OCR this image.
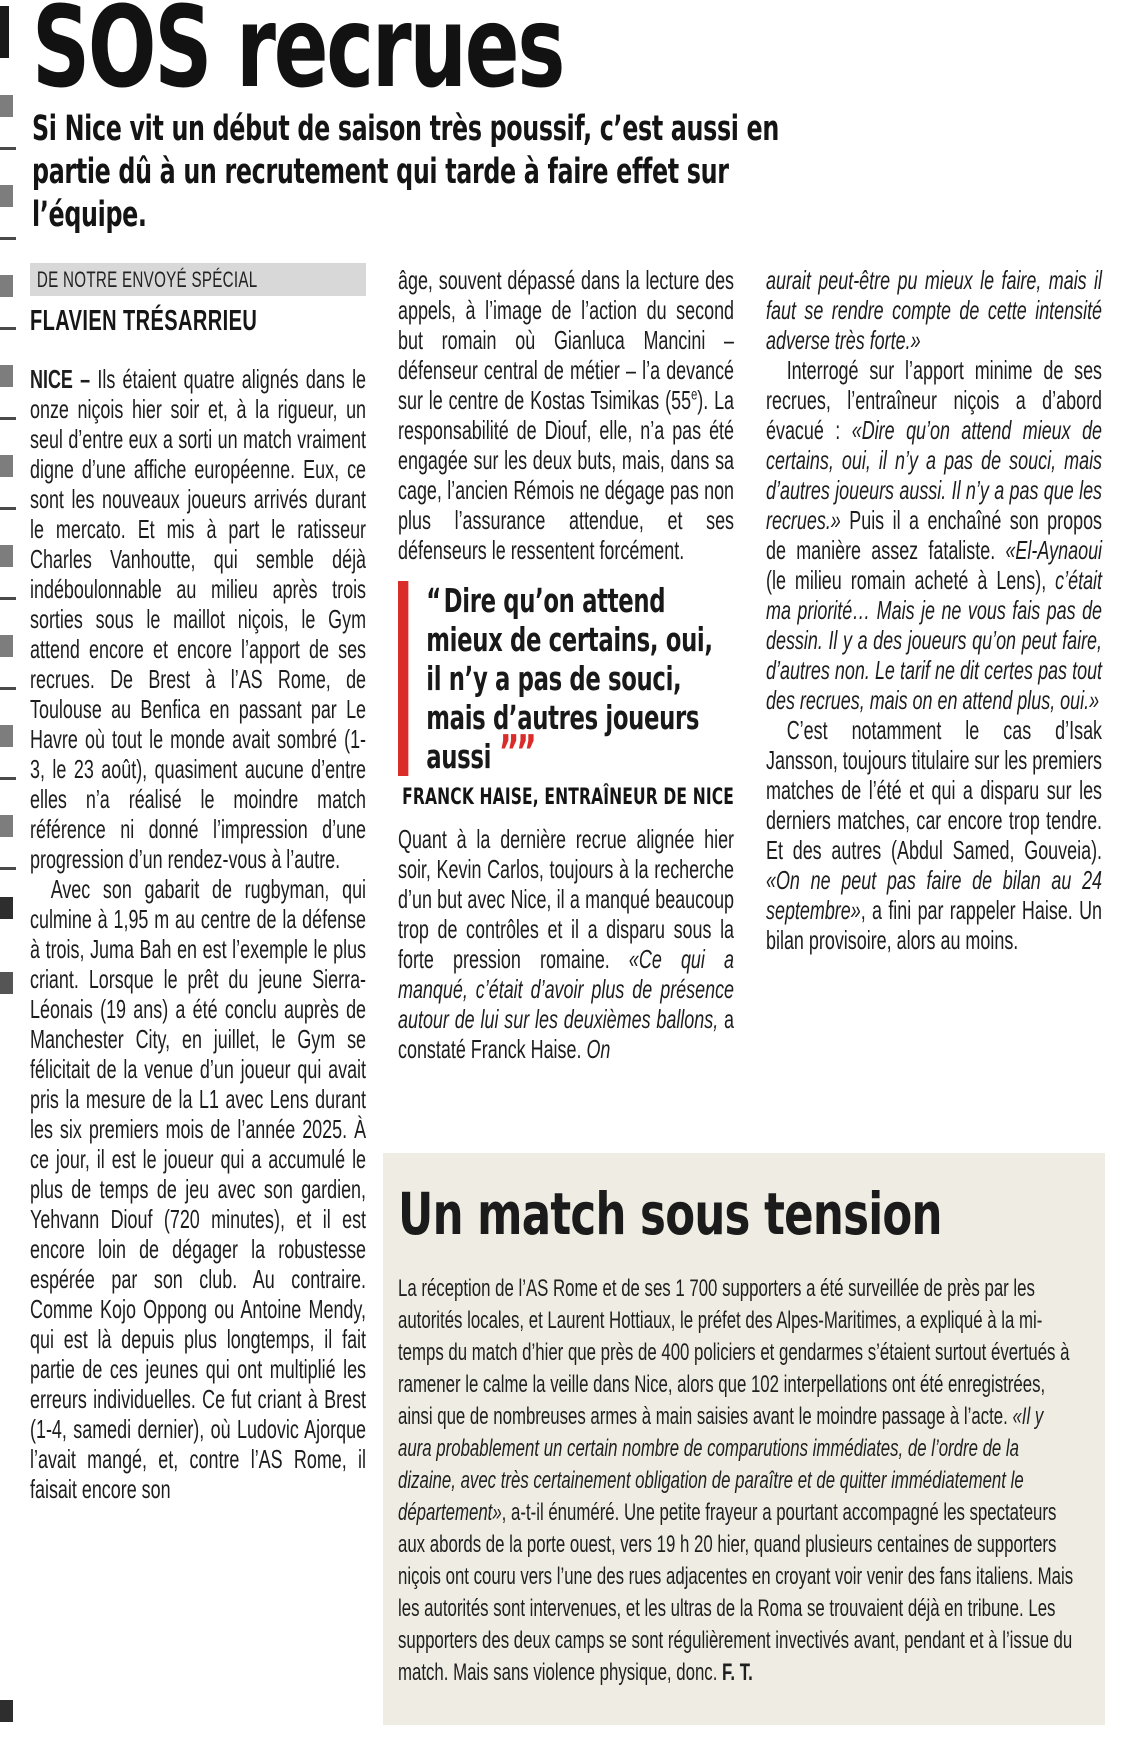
SOS recrues

Si Nice vit un début de saison très poussif, c’est aussi en partie dû à un recrutement qui tarde à faire effet sur l’équipe.

DE NOTRE ENVOYÉ SPÉCIAL
FLAVIEN TRÉSARRIEU

NICE – Ils étaient quatre alignés dans le onze niçois hier soir et, à la rigueur, un seul d’entre eux a sorti un match vraiment digne d’une affiche européenne. Eux, ce sont les nouveaux joueurs arrivés durant le mercato. Et mis à part le ratisseur Charles Vanhoutte, qui semble déjà indéboulonnable au milieu après trois sorties sous le maillot niçois, le Gym attend encore et encore l’apport de ses recrues. De Brest à l’AS Rome, de Toulouse au Benfica en passant par Le Havre où tout le monde avait sombré (1-3, le 23 août), quasiment aucune d’entre elles n’a réalisé le moindre match référence ni donné l’impression d’une progression d’un rendez-vous à l’autre.

Avec son gabarit de rugbyman, qui culmine à 1,95 m au centre de la défense à trois, Juma Bah en est l’exemple le plus criant. Lorsque le prêt du jeune Sierra-Léonais (19 ans) a été conclu auprès de Manchester City, en juillet, le Gym se félicitait de la venue d’un joueur qui avait pris la mesure de la L1 avec Lens durant les six premiers mois de l’année 2025. À ce jour, il est le joueur qui a accumulé le plus de temps de jeu avec son gardien, Yehvann Diouf (720 minutes), et il est encore loin de dégager la robustesse espérée par son club. Au contraire. Comme Kojo Oppong ou Antoine Mendy, qui est là depuis plus longtemps, il fait partie de ces jeunes qui ont multiplié les erreurs individuelles. Ce fut criant à Brest (1-4, samedi dernier), où Ludovic Ajorque l’avait mangé, et, contre l’AS Rome, il faisait encore son

âge, souvent dépassé dans la lecture des appels, à l’image de l’action du second but romain où Gianluca Mancini – défenseur central de métier – l’a devancé sur le centre de Kostas Tsimikas (55e). La responsabilité de Diouf, elle, n’a pas été engagée sur les deux buts, mais, dans sa cage, l’ancien Rémois ne dégage pas non plus l’assurance attendue, et ses défenseurs le ressentent forcément.

“Dire qu’on attend mieux de certains, oui, il n’y a pas de souci, mais d’autres joueurs aussi ””
FRANCK HAISE, ENTRAÎNEUR DE NICE

Quant à la dernière recrue alignée hier soir, Kevin Carlos, toujours à la recherche d’un but avec Nice, il a manqué beaucoup trop de contrôles et il a disparu sous la forte pression romaine. «Ce qui a manqué, c’était d’avoir plus de présence autour de lui sur les deuxièmes ballons, a constaté Franck Haise. On

aurait peut-être pu mieux le faire, mais il faut se rendre compte de cette intensité adverse très forte.»

Interrogé sur l’apport minime de ses recrues, l’entraîneur niçois a d’abord évacué : «Dire qu’on attend mieux de certains, oui, il n’y a pas de souci, mais d’autres joueurs aussi. Il n’y a pas que les recrues.» Puis il a enchaîné son propos de manière assez fataliste. «El-Aynaoui (le milieu romain acheté à Lens), c’était ma priorité… Mais je ne vous fais pas de dessin. Il y a des joueurs qu’on peut faire, d’autres non. Le tarif ne dit certes pas tout des recrues, mais on en attend plus, oui.»

C’est notamment le cas d’Isak Jansson, toujours titulaire sur les premiers matches de l’été et qui a disparu sur les derniers matches, car encore trop tendre. Et des autres (Abdul Samed, Gouveia). «On ne peut pas faire de bilan au 24 septembre», a fini par rappeler Haise. Un bilan provisoire, alors au moins.

Un match sous tension

La réception de l’AS Rome et de ses 1 700 supporters a été surveillée de près par les autorités locales, et Laurent Hottiaux, le préfet des Alpes-Maritimes, a expliqué à la mi-temps du match d’hier que près de 400 policiers et gendarmes s’étaient surtout évertués à ramener le calme la veille dans Nice, alors que 102 interpellations ont été enregistrées, ainsi que de nombreuses armes à main saisies avant le moindre passage à l’acte. «Il y aura probablement un certain nombre de comparutions immédiates, de l’ordre de la dizaine, avec très certainement obligation de paraître et de quitter immédiatement le département», a-t-il énuméré. Une petite frayeur a pourtant accompagné les spectateurs aux abords de la porte ouest, vers 19 h 20 hier, quand plusieurs centaines de supporters niçois ont couru vers l’une des rues adjacentes en croyant voir venir des fans italiens. Mais les autorités sont intervenues, et les ultras de la Roma se trouvaient déjà en tribune. Les supporters des deux camps se sont régulièrement invectivés avant, pendant et à l’issue du match. Mais sans violence physique, donc. F. T.
